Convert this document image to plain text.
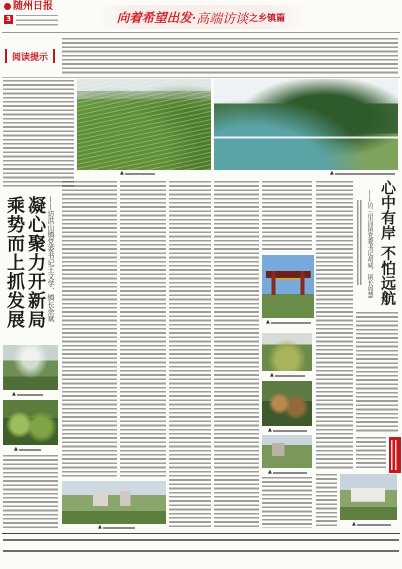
随州日报
3	向着希望出发· 高端访谈 之乡镇篇
阅读提示
▲
乘势而上抓发展 凝心聚力开新局 ——访洪山镇党委书记王文学、镇长余斌
▲
▲
▲
▲
▲
▲
▲
▲
——访三里岗镇党委书记胡威、镇长周慧 心中有岸 不怕远航
▲
